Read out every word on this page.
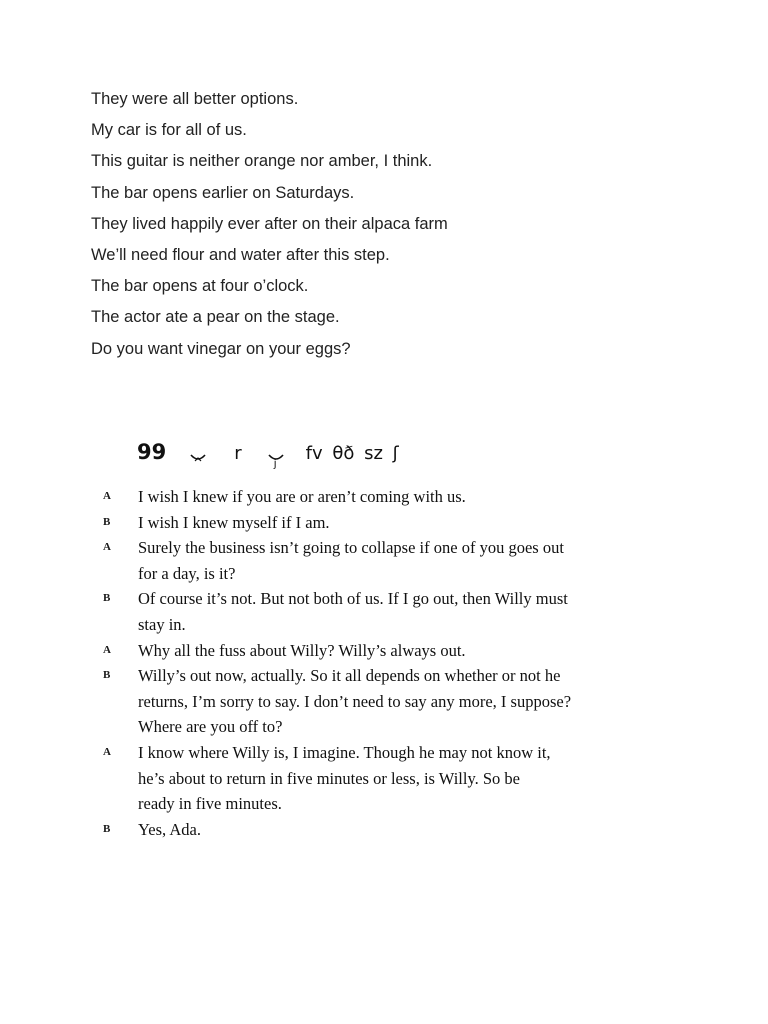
They were all better options.
My car is for all of us.
This guitar is neither orange nor amber, I think.
The bar opens earlier on Saturdays.
They lived happily ever after on their alpaca farm
We’ll need flour and water after this step.
The bar opens at four o’clock.
The actor ate a pear on the stage.
Do you want vinegar on your eggs?
99	r	j fv θð sz ʃ
A	I wish I knew if you are or aren’t coming with us.
B	I wish I knew myself if I am.
A	Surely the business isn’t going to collapse if one of you goes out
for a day, is it?
B	Of course it’s not. But not both of us. If I go out, then Willy must
stay in.
A	Why all the fuss about Willy? Willy’s always out.
B	Willy’s out now, actually. So it all depends on whether or not he
returns, I’m sorry to say. I don’t need to say any more, I suppose?
Where are you off to?
A	I know where Willy is, I imagine. Though he may not know it,
he’s about to return in five minutes or less, is Willy. So be
ready in five minutes.
B	Yes, Ada.
